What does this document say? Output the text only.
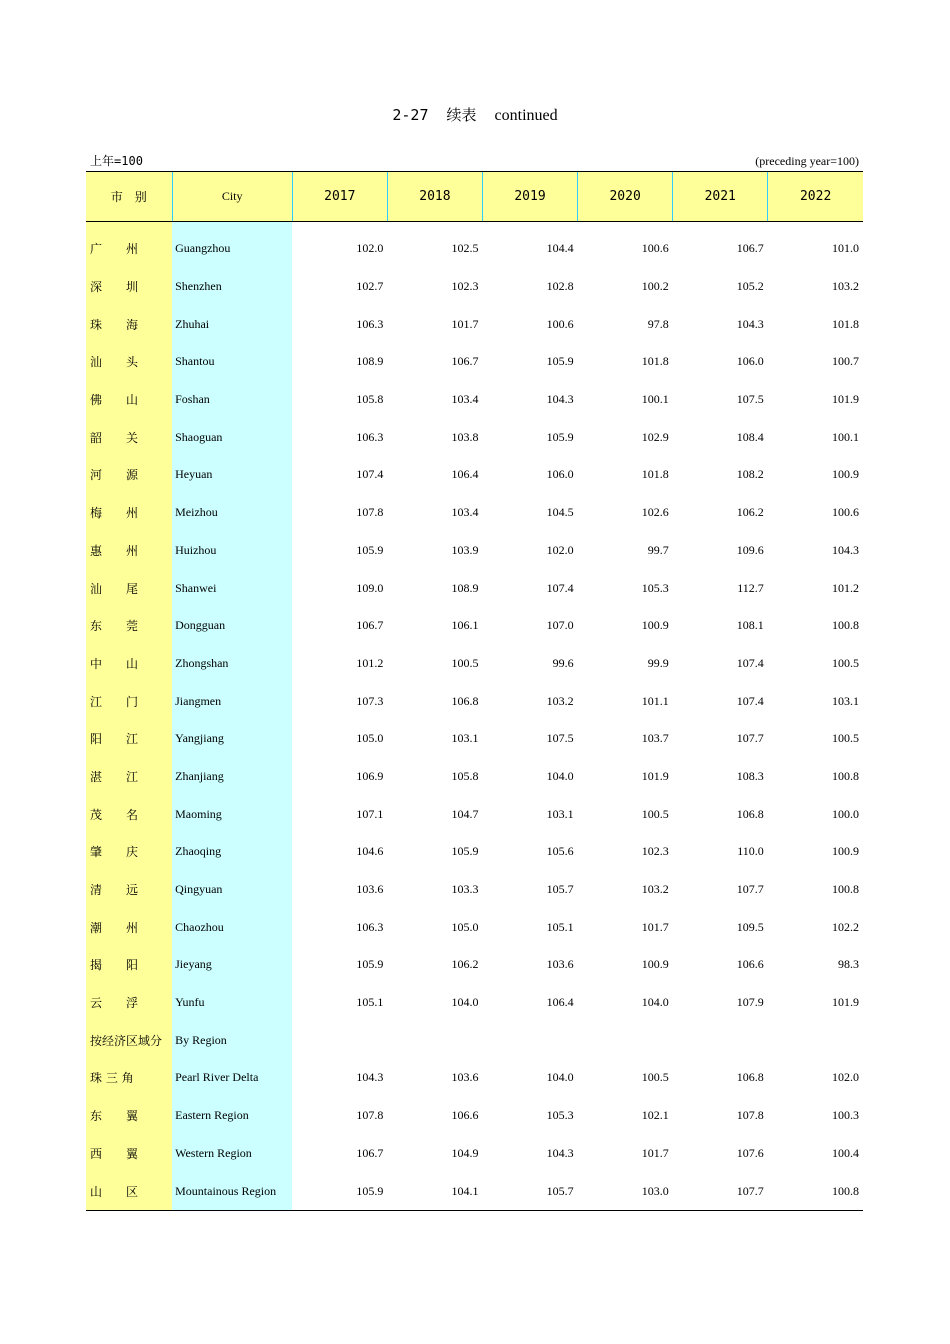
2-27 续表 continued
上年=100	(preceding year=100)
市　别	City	2017	2018	2019	2020	2021	2022

广　　州	Guangzhou	102.0	102.5	104.4	100.6	106.7	101.0
深　　圳	Shenzhen	102.7	102.3	102.8	100.2	105.2	103.2
珠　　海	Zhuhai	106.3	101.7	100.6	97.8	104.3	101.8
汕　　头	Shantou	108.9	106.7	105.9	101.8	106.0	100.7
佛　　山	Foshan	105.8	103.4	104.3	100.1	107.5	101.9
韶　　关	Shaoguan	106.3	103.8	105.9	102.9	108.4	100.1
河　　源	Heyuan	107.4	106.4	106.0	101.8	108.2	100.9
梅　　州	Meizhou	107.8	103.4	104.5	102.6	106.2	100.6
惠　　州	Huizhou	105.9	103.9	102.0	99.7	109.6	104.3
汕　　尾	Shanwei	109.0	108.9	107.4	105.3	112.7	101.2
东　　莞	Dongguan	106.7	106.1	107.0	100.9	108.1	100.8
中　　山	Zhongshan	101.2	100.5	99.6	99.9	107.4	100.5
江　　门	Jiangmen	107.3	106.8	103.2	101.1	107.4	103.1
阳　　江	Yangjiang	105.0	103.1	107.5	103.7	107.7	100.5
湛　　江	Zhanjiang	106.9	105.8	104.0	101.9	108.3	100.8
茂　　名	Maoming	107.1	104.7	103.1	100.5	106.8	100.0
肇　　庆	Zhaoqing	104.6	105.9	105.6	102.3	110.0	100.9
清　　远	Qingyuan	103.6	103.3	105.7	103.2	107.7	100.8
潮　　州	Chaozhou	106.3	105.0	105.1	101.7	109.5	102.2
揭　　阳	Jieyang	105.9	106.2	103.6	100.9	106.6	98.3
云　　浮	Yunfu	105.1	104.0	106.4	104.0	107.9	101.9
按经济区域分	By Region						
珠 三 角	Pearl River Delta	104.3	103.6	104.0	100.5	106.8	102.0
东　　翼	Eastern Region	107.8	106.6	105.3	102.1	107.8	100.3
西　　翼	Western Region	106.7	104.9	104.3	101.7	107.6	100.4
山　　区	Mountainous Region	105.9	104.1	105.7	103.0	107.7	100.8
